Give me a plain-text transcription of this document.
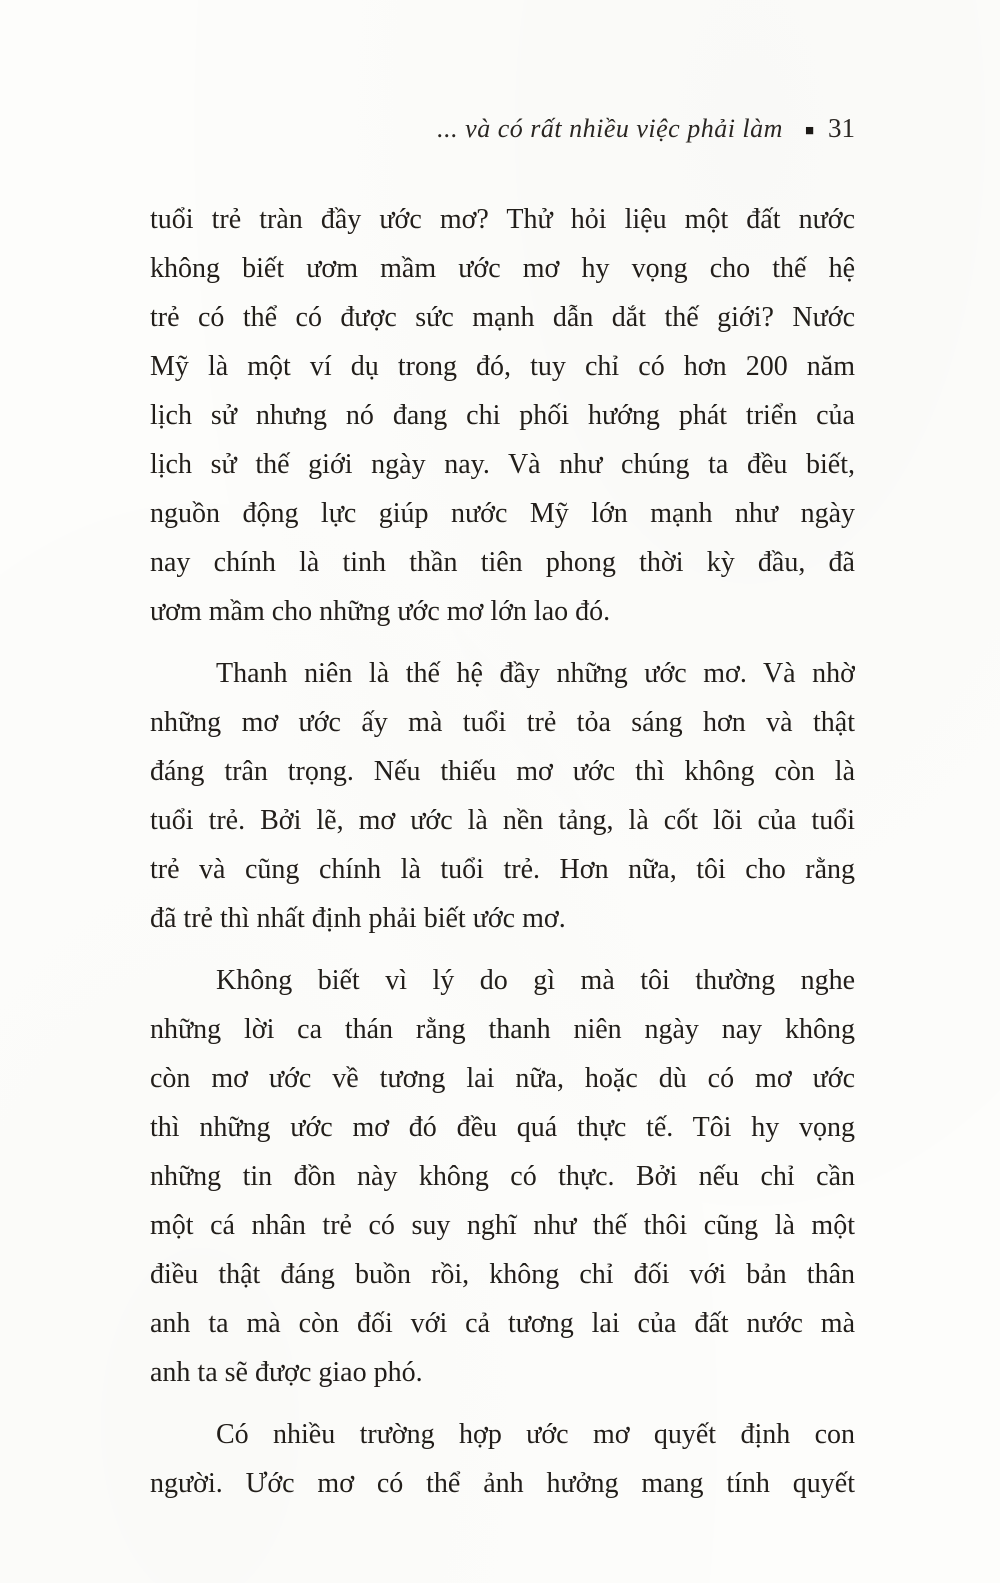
... và có rất nhiều việc phải làm ■ 31
tuổi trẻ tràn đầy ước mơ? Thử hỏi liệu một đất nước
không biết ươm mầm ước mơ hy vọng cho thế hệ
trẻ có thể có được sức mạnh dẫn dắt thế giới? Nước
Mỹ là một ví dụ trong đó, tuy chỉ có hơn 200 năm
lịch sử nhưng nó đang chi phối hướng phát triển của
lịch sử thế giới ngày nay. Và như chúng ta đều biết,
nguồn động lực giúp nước Mỹ lớn mạnh như ngày
nay chính là tinh thần tiên phong thời kỳ đầu, đã
ươm mầm cho những ước mơ lớn lao đó.
Thanh niên là thế hệ đầy những ước mơ. Và nhờ
những mơ ước ấy mà tuổi trẻ tỏa sáng hơn và thật
đáng trân trọng. Nếu thiếu mơ ước thì không còn là
tuổi trẻ. Bởi lẽ, mơ ước là nền tảng, là cốt lõi của tuổi
trẻ và cũng chính là tuổi trẻ. Hơn nữa, tôi cho rằng
đã trẻ thì nhất định phải biết ước mơ.
Không biết vì lý do gì mà tôi thường nghe
những lời ca thán rằng thanh niên ngày nay không
còn mơ ước về tương lai nữa, hoặc dù có mơ ước
thì những ước mơ đó đều quá thực tế. Tôi hy vọng
những tin đồn này không có thực. Bởi nếu chỉ cần
một cá nhân trẻ có suy nghĩ như thế thôi cũng là một
điều thật đáng buồn rồi, không chỉ đối với bản thân
anh ta mà còn đối với cả tương lai của đất nước mà
anh ta sẽ được giao phó.
Có nhiều trường hợp ước mơ quyết định con
người. Ước mơ có thể ảnh hưởng mang tính quyết
